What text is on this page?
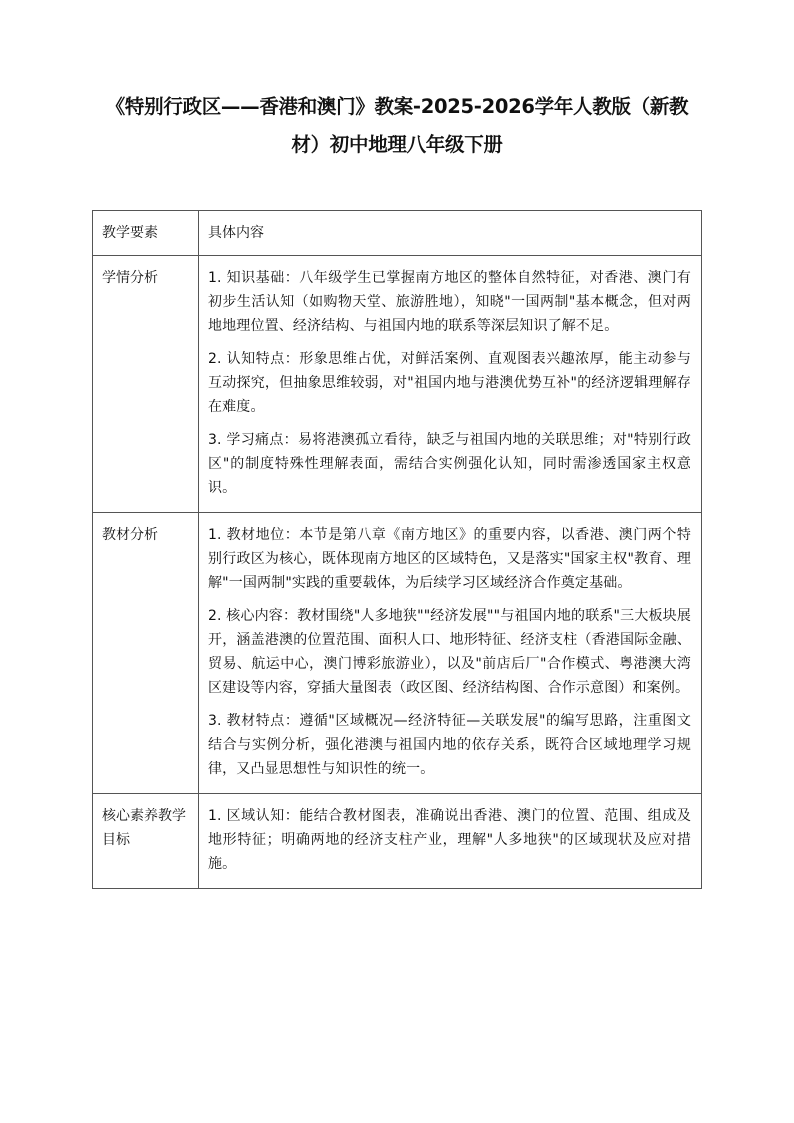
《特别行政区——香港和澳门》教案-2025-2026学年人教版（新教材）初中地理八年级下册
教学要素	具体内容
学情分析	1. 知识基础：八年级学生已掌握南方地区的整体自然特征，对香港、澳门有初步生活认知（如购物天堂、旅游胜地），知晓"一国两制"基本概念，但对两地地理位置、经济结构、与祖国内地的联系等深层知识了解不足。

2. 认知特点：形象思维占优，对鲜活案例、直观图表兴趣浓厚，能主动参与互动探究，但抽象思维较弱，对"祖国内地与港澳优势互补"的经济逻辑理解存在难度。

3. 学习痛点：易将港澳孤立看待，缺乏与祖国内地的关联思维；对"特别行政区"的制度特殊性理解表面，需结合实例强化认知，同时需渗透国家主权意识。

教材分析	1. 教材地位：本节是第八章《南方地区》的重要内容，以香港、澳门两个特别行政区为核心，既体现南方地区的区域特色，又是落实"国家主权"教育、理解"一国两制"实践的重要载体，为后续学习区域经济合作奠定基础。

2. 核心内容：教材围绕"人多地狭""经济发展""与祖国内地的联系"三大板块展开，涵盖港澳的位置范围、面积人口、地形特征、经济支柱（香港国际金融、贸易、航运中心，澳门博彩旅游业），以及"前店后厂"合作模式、粤港澳大湾区建设等内容，穿插大量图表（政区图、经济结构图、合作示意图）和案例。

3. 教材特点：遵循"区域概况—经济特征—关联发展"的编写思路，注重图文结合与实例分析，强化港澳与祖国内地的依存关系，既符合区域地理学习规律，又凸显思想性与知识性的统一。

核心素养教学目标	1. 区域认知：能结合教材图表，准确说出香港、澳门的位置、范围、组成及地形特征；明确两地的经济支柱产业，理解"人多地狭"的区域现状及应对措施。
